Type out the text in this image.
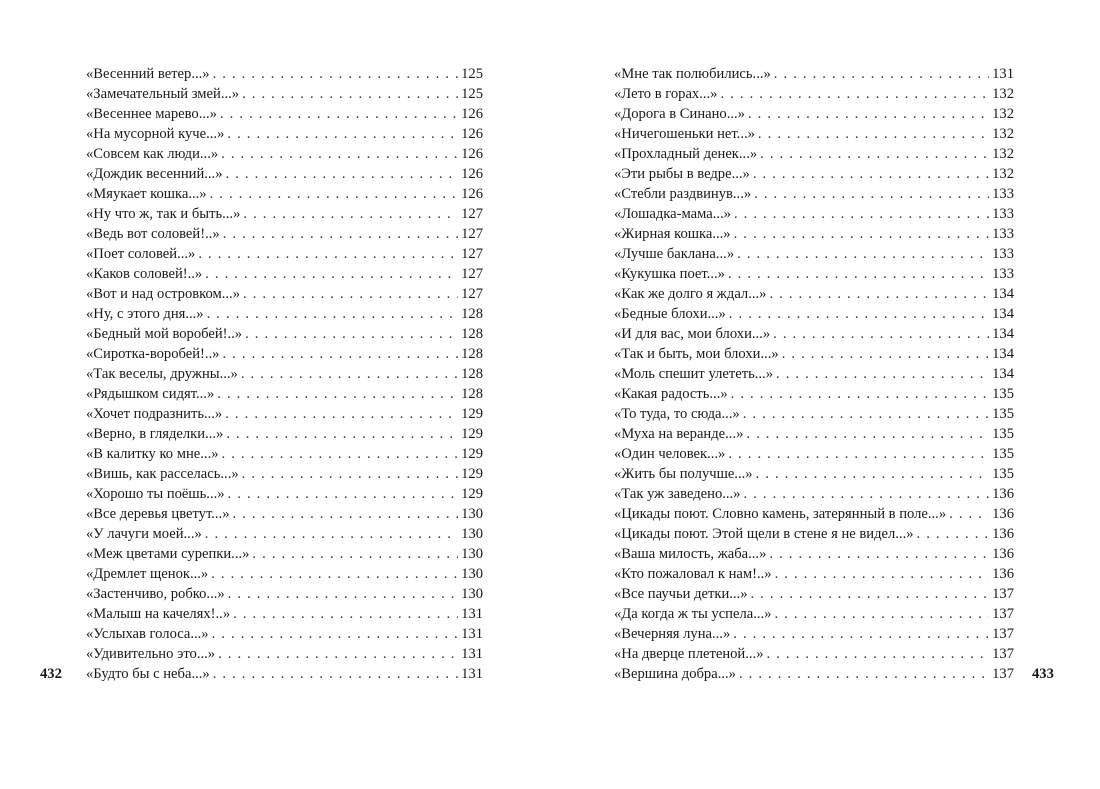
432
«Весенний ветер...» . . .	125
«Замечательный змей...» . . .	125
«Весеннее марево...» . . .	126
«На мусорной куче...» . . .	126
«Совсем как люди...» . . .	126
«Дождик весенний...» . . .	126
«Мяукает кошка...» . . .	126
«Ну что ж, так и быть...» . . .	127
«Ведь вот соловей!..» . . .	127
«Поет соловей...» . . .	127
«Каков соловей!..» . . .	127
«Вот и над островком...» . . .	127
«Ну, с этого дня...» . . .	128
«Бедный мой воробей!..» . . .	128
«Сиротка-воробей!..» . . .	128
«Так веселы, дружны...» . . .	128
«Рядышком сидят...» . . .	128
«Хочет подразнить...» . . .	129
«Верно, в гляделки...» . . .	129
«В калитку ко мне...» . . .	129
«Вишь, как расселась...» . . .	129
«Хорошо ты поёшь...» . . .	129
«Все деревья цветут...» . . .	130
«У лачуги моей...» . . .	130
«Меж цветами сурепки...» . . .	130
«Дремлет щенок...» . . .	130
«Застенчиво, робко...» . . .	130
«Малыш на качелях!..» . . .	131
«Услыхав голоса...» . . .	131
«Удивительно это...» . . .	131
«Будто бы с неба...» . . .	131
«Мне так полюбились...» . . .	131
«Лето в горах...» . . .	132
«Дорога в Синано...» . . .	132
«Ничегошеньки нет...» . . .	132
«Прохладный денек...» . . .	132
«Эти рыбы в ведре...» . . .	132
«Стебли раздвинув...» . . .	133
«Лошадка-мама...» . . .	133
«Жирная кошка...» . . .	133
«Лучше баклана...» . . .	133
«Кукушка поет...» . . .	133
«Как же долго я ждал...» . . .	134
«Бедные блохи...» . . .	134
«И для вас, мои блохи...» . . .	134
«Так и быть, мои блохи...» . . .	134
«Моль спешит улететь...» . . .	134
«Какая радость...» . . .	135
«То туда, то сюда...» . . .	135
«Муха на веранде...» . . .	135
«Один человек...» . . .	135
«Жить бы получше...» . . .	135
«Так уж заведено...» . . .	136
«Цикады поют. Словно камень, затерянный в поле...» . . .	136
«Цикады поют. Этой щели в стене я не видел...» . . .	136
«Ваша милость, жаба...» . . .	136
«Кто пожаловал к нам!..» . . .	136
«Все паучьи детки...» . . .	137
«Да когда ж ты успела...» . . .	137
«Вечерняя луна...» . . .	137
«На дверце плетеной...» . . .	137
«Вершина добра...» . . .	137 433
